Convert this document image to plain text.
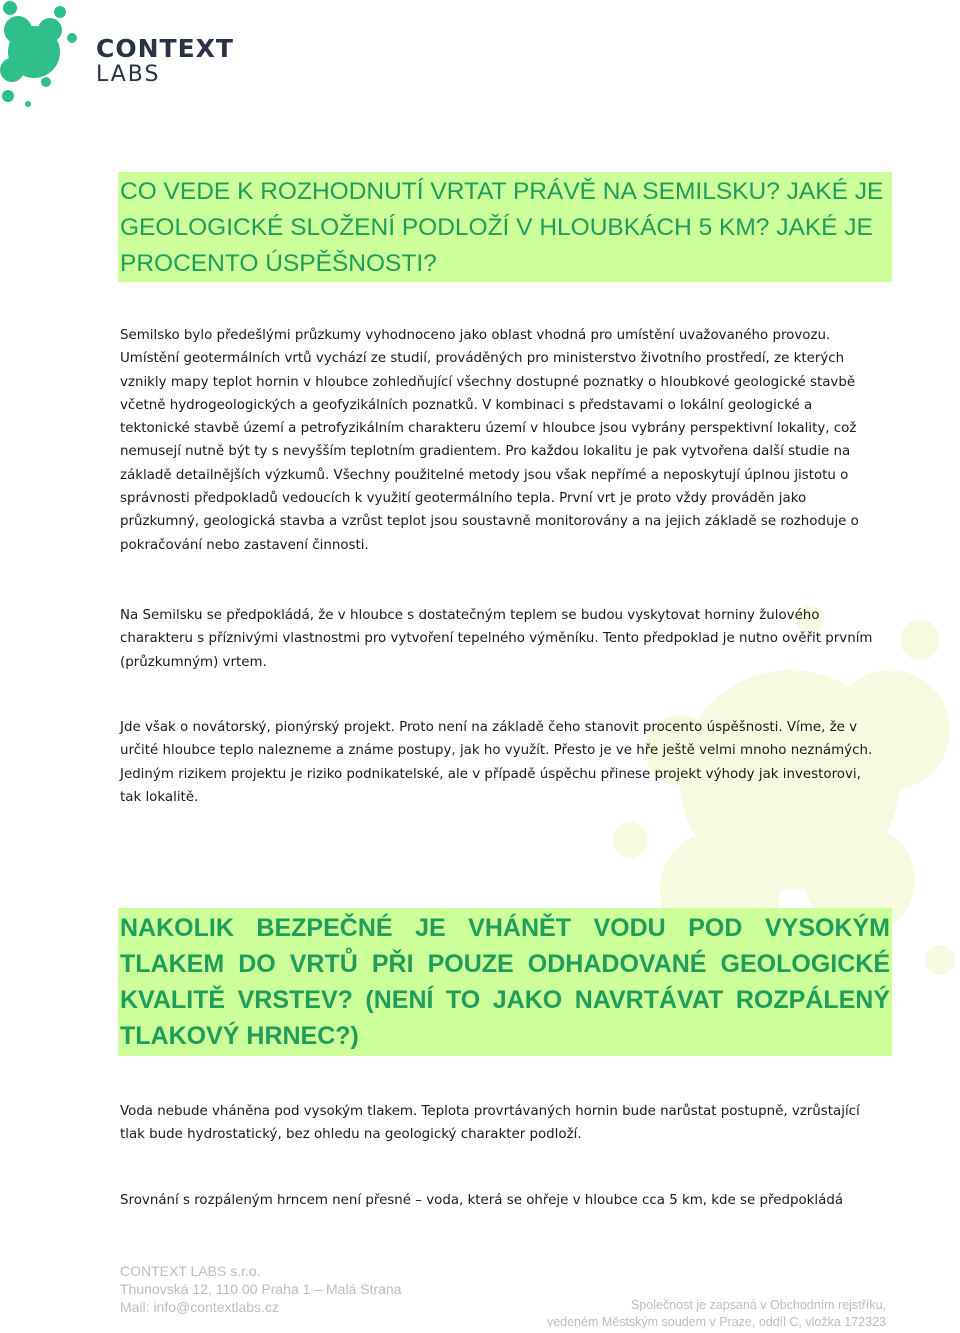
CONTEXT
LABS
CO VEDE K ROZHODNUTÍ VRTAT PRÁVĚ NA SEMILSKU? JAKÉ JE GEOLOGICKÉ SLOŽENÍ PODLOŽÍ V HLOUBKÁCH 5 KM? JAKÉ JE PROCENTO ÚSPĚŠNOSTI?

Semilsko bylo předešlými průzkumy vyhodnoceno jako oblast vhodná pro umístění uvažovaného provozu. Umístění geotermálních vrtů vychází ze studií, prováděných pro ministerstvo životního prostředí, ze kterých vznikly mapy teplot hornin v hloubce zohledňující všechny dostupné poznatky o hloubkové geologické stavbě včetně hydrogeologických a geofyzikálních poznatků. V kombinaci s představami o lokální geologické a tektonické stavbě území a petrofyzikálním charakteru území v hloubce jsou vybrány perspektivní lokality, což nemusejí nutně být ty s nevyšším teplotním gradientem. Pro každou lokalitu je pak vytvořena další studie na základě detailnějších výzkumů. Všechny použitelné metody jsou však nepřímé a neposkytují úplnou jistotu o správnosti předpokladů vedoucích k využití geotermálního tepla. První vrt je proto vždy prováděn jako průzkumný, geologická stavba a vzrůst teplot jsou soustavně monitorovány a na jejich základě se rozhoduje o pokračování nebo zastavení činnosti.

Na Semilsku se předpokládá, že v hloubce s dostatečným teplem se budou vyskytovat horniny žulového charakteru s příznivými vlastnostmi pro vytvoření tepelného výměníku. Tento předpoklad je nutno ověřit prvním (průzkumným) vrtem.

Jde však o novátorský, pionýrský projekt. Proto není na základě čeho stanovit procento úspěšnosti. Víme, že v určité hloubce teplo nalezneme a známe postupy, jak ho využít. Přesto je ve hře ještě velmi mnoho neznámých. Jediným rizikem projektu je riziko podnikatelské, ale v případě úspěchu přinese projekt výhody jak investorovi, tak lokalitě.

NAKOLIK BEZPEČNÉ JE VHÁNĚT VODU POD VYSOKÝM TLAKEM DO VRTŮ PŘI POUZE ODHADOVANÉ GEOLOGICKÉ KVALITĚ VRSTEV? (NENÍ TO JAKO NAVRTÁVAT ROZPÁLENÝ TLAKOVÝ HRNEC?)

Voda nebude vháněna pod vysokým tlakem. Teplota provrtávaných hornin bude narůstat postupně, vzrůstající tlak bude hydrostatický, bez ohledu na geologický charakter podloží.

Srovnání s rozpáleným hrncem není přesné – voda, která se ohřeje v hloubce cca 5 km, kde se předpokládá

CONTEXT LABS s.r.o.
Thunovská 12, 110 00 Praha 1 – Malá Strana
Mail: info@contextlabs.cz	Společnost je zapsaná v Obchodním rejstříku,
vedeném Městským soudem v Praze, oddíl C, vložka 172323
